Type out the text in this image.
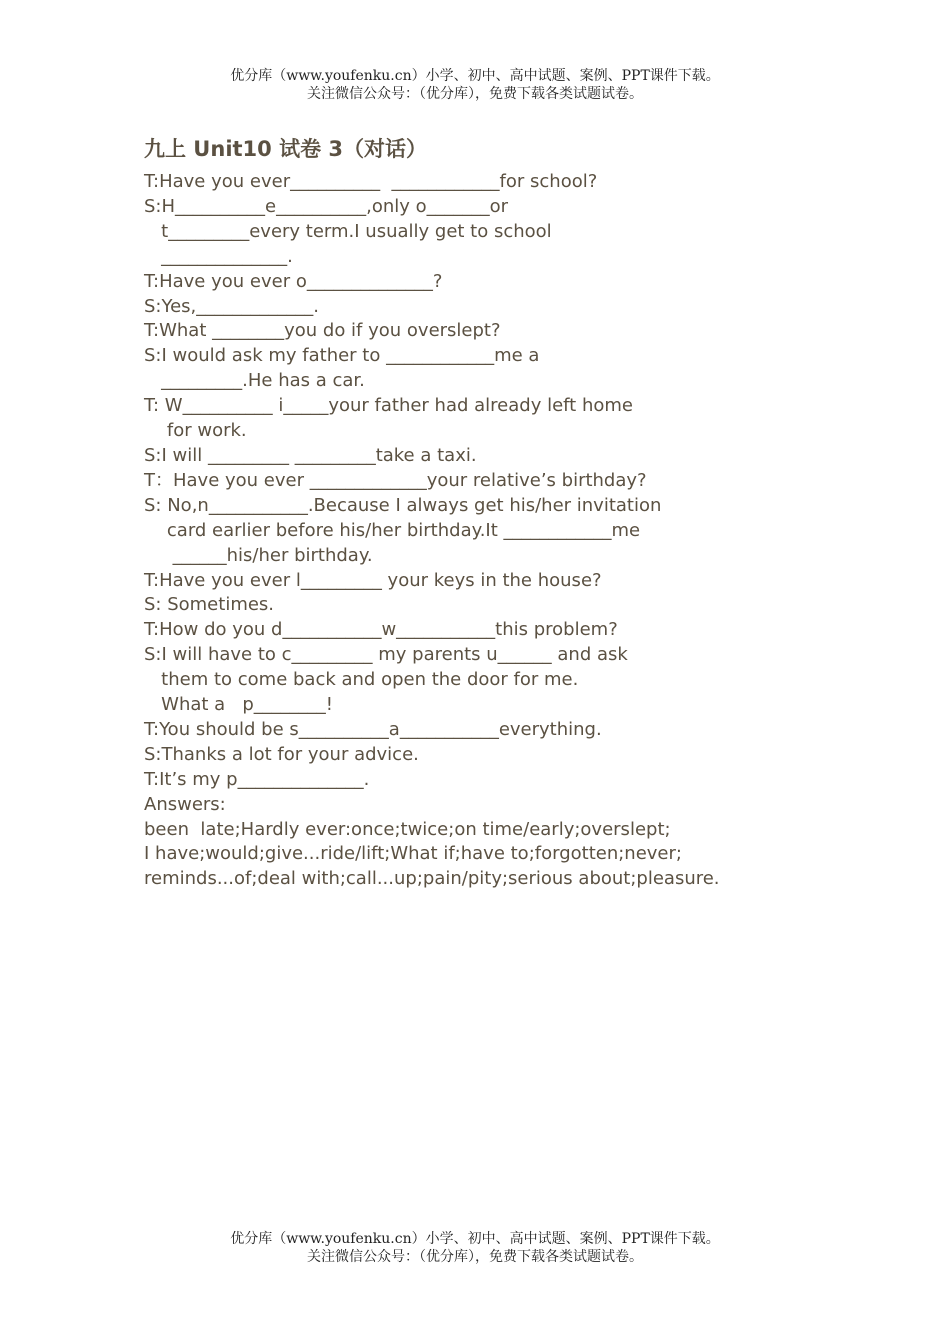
优分库（www.youfenku.cn）小学、初中、高中试题、案例、PPT课件下载。
关注微信公众号：（优分库），免费下载各类试题试卷。
九上 Unit10 试卷 3（对话）
T:Have you ever__________  ____________for school?
S:H__________e__________,only o_______or
t_________every term.I usually get to school
______________.
T:Have you ever o______________?
S:Yes,_____________.
T:What ________you do if you overslept?
S:I would ask my father to ____________me a
_________.He has a car.
T: W__________ i_____your father had already left home
for work.
S:I will _________ _________take a taxi.
T：Have you ever _____________your relative’s birthday?
S: No,n___________.Because I always get his/her invitation
card earlier before his/her birthday.It ____________me
______his/her birthday.
T:Have you ever l_________ your keys in the house?
S: Sometimes.
T:How do you d___________w___________this problem?
S:I will have to c_________ my parents u______ and ask
them to come back and open the door for me.
What a   p________!
T:You should be s__________a___________everything.
S:Thanks a lot for your advice.
T:It’s my p______________.
Answers:
been  late;Hardly ever:once;twice;on time/early;overslept;
I have;would;give...ride/lift;What if;have to;forgotten;never;
reminds...of;deal with;call...up;pain/pity;serious about;pleasure.
优分库（www.youfenku.cn）小学、初中、高中试题、案例、PPT课件下载。
关注微信公众号：（优分库），免费下载各类试题试卷。
